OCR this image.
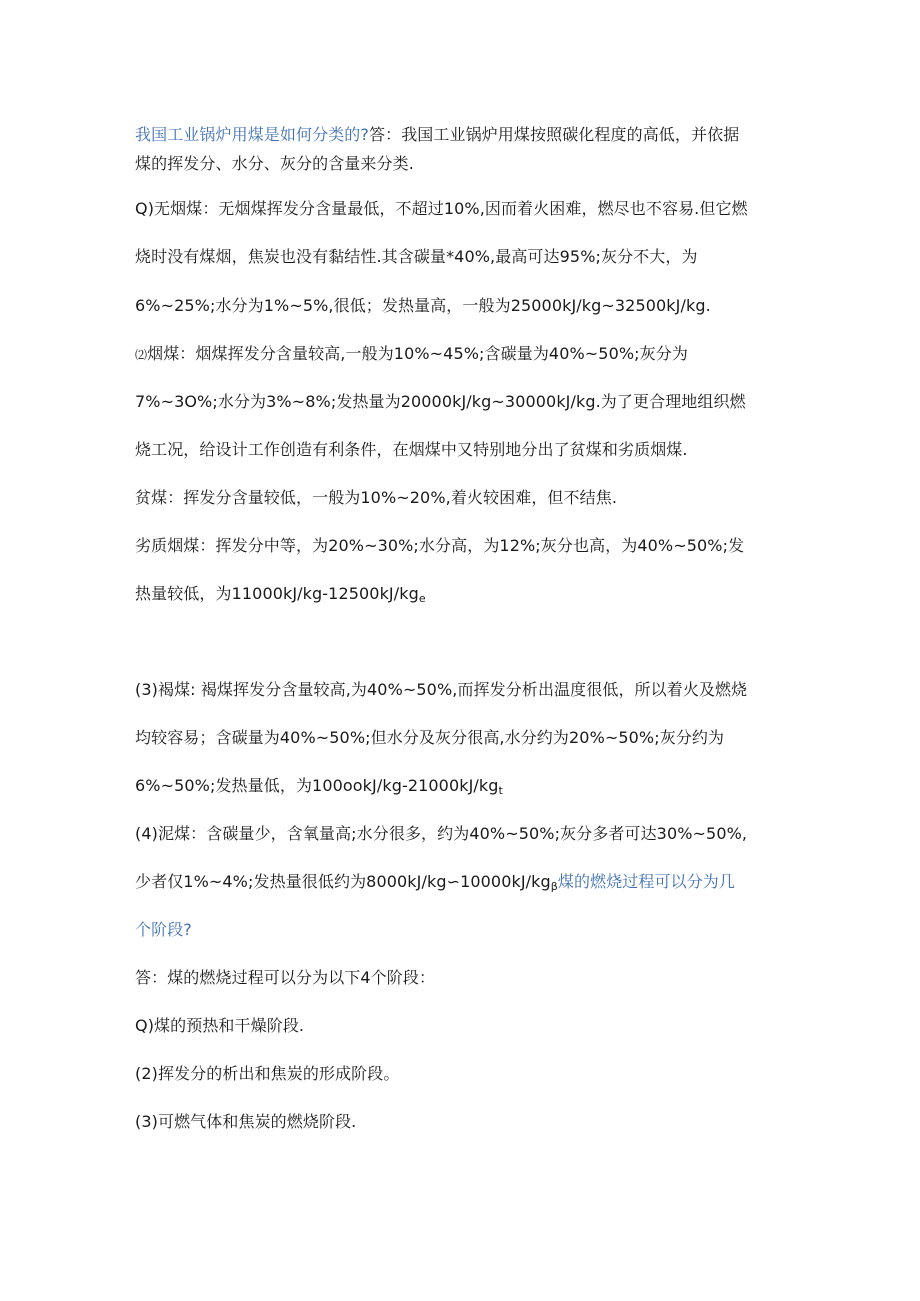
我国工业锅炉用煤是如何分类的?答：我国工业锅炉用煤按照碳化程度的高低，并依据
煤的挥发分、水分、灰分的含量来分类.
Q)无烟煤：无烟煤挥发分含量最低，不超过10%,因而着火困难，燃尽也不容易.但它燃
烧时没有煤烟，焦炭也没有黏结性.其含碳量*40%,最高可达95%;灰分不大，为
6%~25%;水分为1%~5%,很低；发热量高，一般为25000kJ∕kg~32500kJ∕kg.
⑵烟煤：烟煤挥发分含量较高,一般为10%~45%;含碳量为40%~50%;灰分为
7%~3O%;水分为3%~8%;发热量为20000kJ∕kg~30000kJ∕kg.为了更合理地组织燃
烧工况，给设计工作创造有利条件，在烟煤中又特别地分出了贫煤和劣质烟煤.
贫煤：挥发分含量较低，一般为10%~20%,着火较困难，但不结焦.
劣质烟煤：挥发分中等，为20%~30%;水分高，为12%;灰分也高，为40%~50%;发
热量较低，为$11000kJ∕kg-12500kJ∕kg_e$
(3)褐煤: 褐煤挥发分含量较高,为40%~50%,而挥发分析出温度很低，所以着火及燃烧
均较容易；含碳量为40%~50%;但水分及灰分很高,水分约为20%~50%;灰分约为
6%~50%;发热量低，为$100ookJ∕kg-21000kJ∕kg_t$
(4)泥煤：含碳量少，含氧量高;水分很多，约为40%~50%;灰分多者可达30%~50%,
少者仅1%~4%;发热量很低约为$8000kJ/kg∽10000kJ∕kg_\beta$煤的燃烧过程可以分为几
个阶段?
答：煤的燃烧过程可以分为以下4个阶段：
Q)煤的预热和干燥阶段.
(2)挥发分的析出和焦炭的形成阶段。
(3)可燃气体和焦炭的燃烧阶段.
